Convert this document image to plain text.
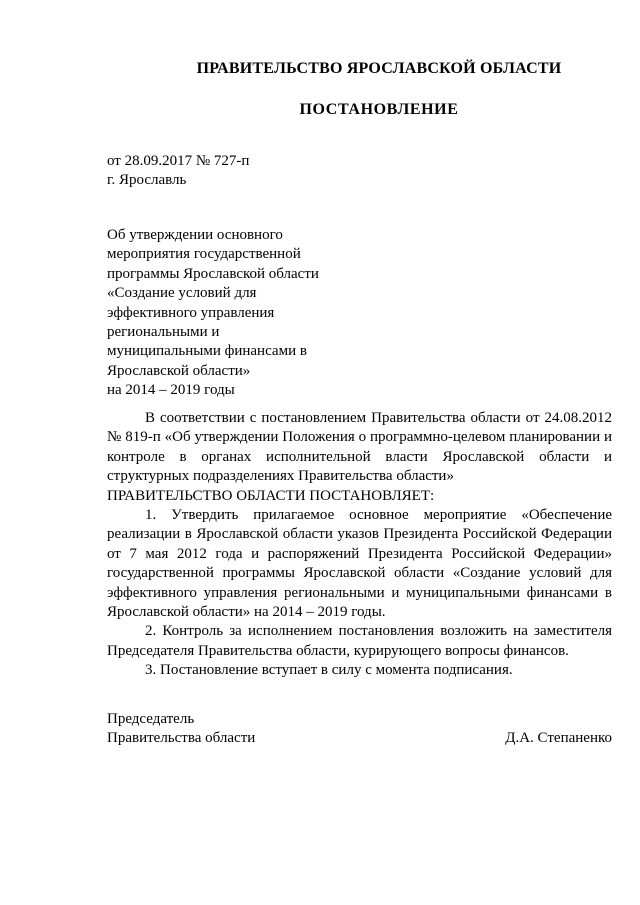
ПРАВИТЕЛЬСТВО ЯРОСЛАВСКОЙ ОБЛАСТИ
ПОСТАНОВЛЕНИЕ
от 28.09.2017 № 727-п
г. Ярославль
Об утверждении основного
мероприятия государственной
программы Ярославской области
«Создание условий для
эффективного управления
региональными и
муниципальными финансами в
Ярославской области»
на 2014 – 2019 годы

В соответствии с постановлением Правительства области от 24.08.2012 № 819-п «Об утверждении Положения о программно-целевом планировании и контроле в органах исполнительной власти Ярославской области и структурных подразделениях Правительства области»

ПРАВИТЕЛЬСТВО ОБЛАСТИ ПОСТАНОВЛЯЕТ:

1. Утвердить прилагаемое основное мероприятие «Обеспечение реализации в Ярославской области указов Президента Российской Федерации от 7 мая 2012 года и распоряжений Президента Российской Федерации» государственной программы Ярославской области «Создание условий для эффективного управления региональными и муниципальными финансами в Ярославской области» на 2014 – 2019 годы.

2. Контроль за исполнением постановления возложить на заместителя Председателя Правительства области, курирующего вопросы финансов.

3. Постановление вступает в силу с момента подписания.

Председатель
Правительства области	Д.А. Степаненко
